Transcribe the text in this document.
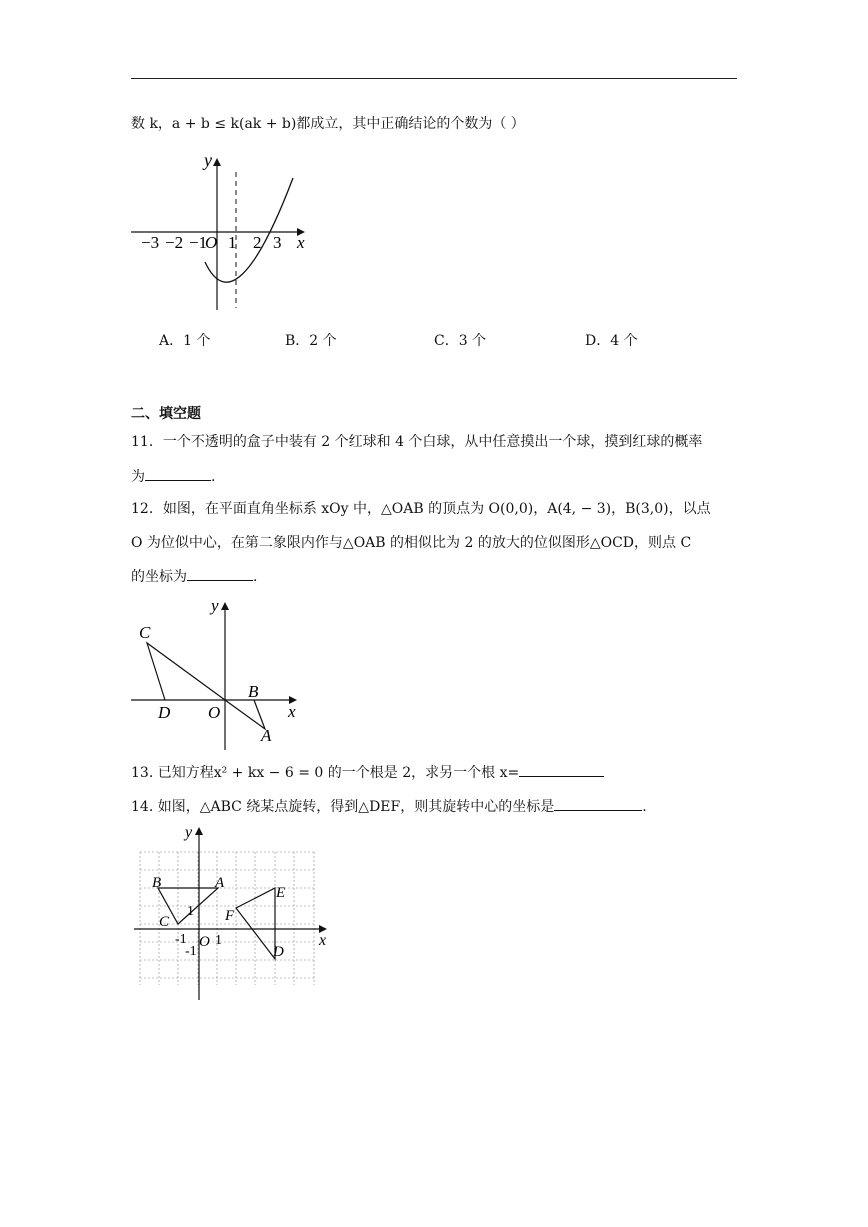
数 k，a + b ≤ k(ak + b)都成立，其中正确结论的个数为（ ）
y
x
−3 −2 −1
O 1 2 3
A．1 个	B．2 个	C．3 个	D．4 个
二、填空题
11．一个不透明的盒子中装有 2 个红球和 4 个白球，从中任意摸出一个球，摸到红球的概率
为	.
12．如图，在平面直角坐标系 xOy 中，△OAB 的顶点为 O(0,0)，A(4, − 3)，B(3,0)，以点
O 为位似中心，在第二象限内作与△OAB 的相似比为 2 的放大的位似图形△OCD，则点 C
的坐标为	.
y
x
C
D O
B
A
13. 已知方程x² + kx − 6 = 0 的一个根是 2，求另一个根 x=
14. 如图，△ABC 绕某点旋转，得到△DEF，则其旋转中心的坐标是	.
y
x
B	A
C	F
E
D
O 1
1
-1
-1
